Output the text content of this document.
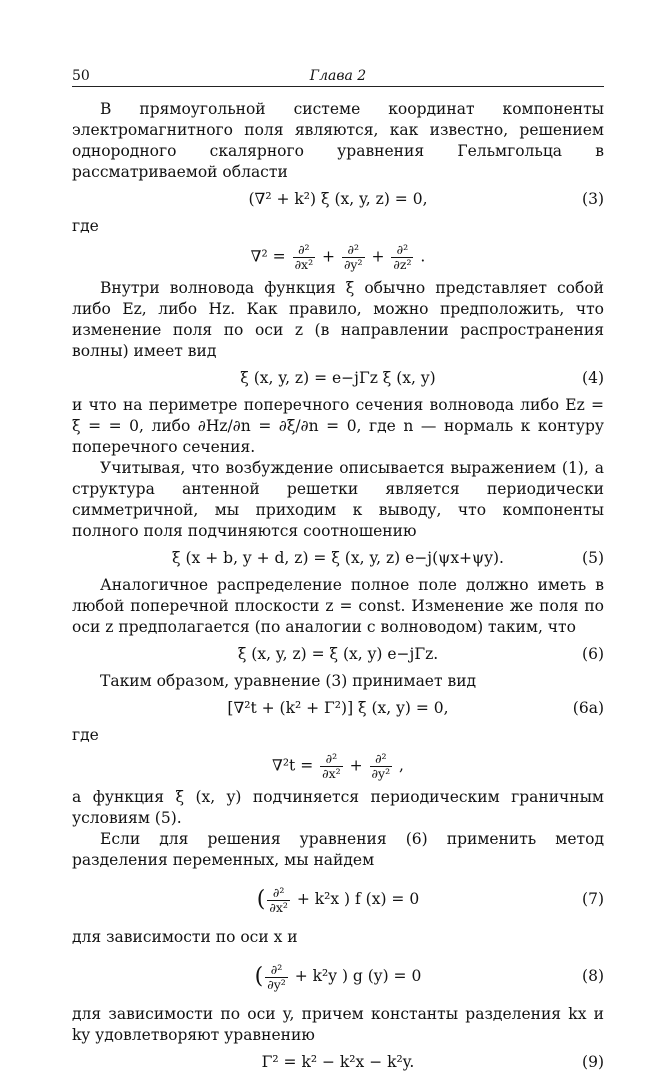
50	Глава 2

В прямоугольной системе координат компоненты электромагнитного поля являются, как известно, решением однородного скалярного уравнения Гельмгольца в рассматриваемой области

(∇² + k²) ξ (x, y, z) = 0,	(3)
где
$\nabla^2 = \frac{\text{∂²}}{\text{∂x²}} + \frac{\text{∂²}}{\text{∂y²}} + \frac{\text{∂²}}{\text{∂z²}}$ .

Внутри волновода функция ξ обычно представляет собой либо Ez, либо Hz. Как правило, можно предположить, что изменение поля по оси z (в направлении распространения волны) имеет вид

ξ (x, y, z) = e−jΓz ξ (x, y)	(4)

и что на периметре поперечного сечения волновода либо Ez = ξ = = 0, либо ∂Hz/∂n = ∂ξ/∂n = 0, где n — нормаль к контуру поперечного сечения.

Учитывая, что возбуждение описывается выражением (1), а структура антенной решетки является периодически симметричной, мы приходим к выводу, что компоненты полного поля подчиняются соотношению

ξ (x + b, y + d, z) = ξ (x, y, z) e−j(ψx+ψy).	(5)

Аналогичное распределение полное поле должно иметь в любой поперечной плоскости z = const. Изменение же поля по оси z предполагается (по аналогии с волноводом) таким, что

ξ (x, y, z) = ξ (x, y) e−jΓz.	(6)

Таким образом, уравнение (3) принимает вид

[∇²t + (k² + Γ²)] ξ (x, y) = 0,	(6а)
где
$\nabla^2t = \frac{\text{∂²}}{\text{∂x²}} + \frac{\text{∂²}}{\text{∂y²}}$ ,

а функция ξ (x, y) подчиняется периодическим граничным условиям (5).

Если для решения уравнения (6) применить метод разделения переменных, мы найдем

( $\frac{\text{∂²}}{\text{∂x²}} + k^2x$ ) f (x) = 0	(7)

для зависимости по оси x и

( $\frac{\text{∂²}}{\text{∂y²}} + k^2y$ ) g (y) = 0	(8)

для зависимости по оси y, причем константы разделения kx и ky удовлетворяют уравнению

Γ² = k² − k²x − k²y.	(9)
